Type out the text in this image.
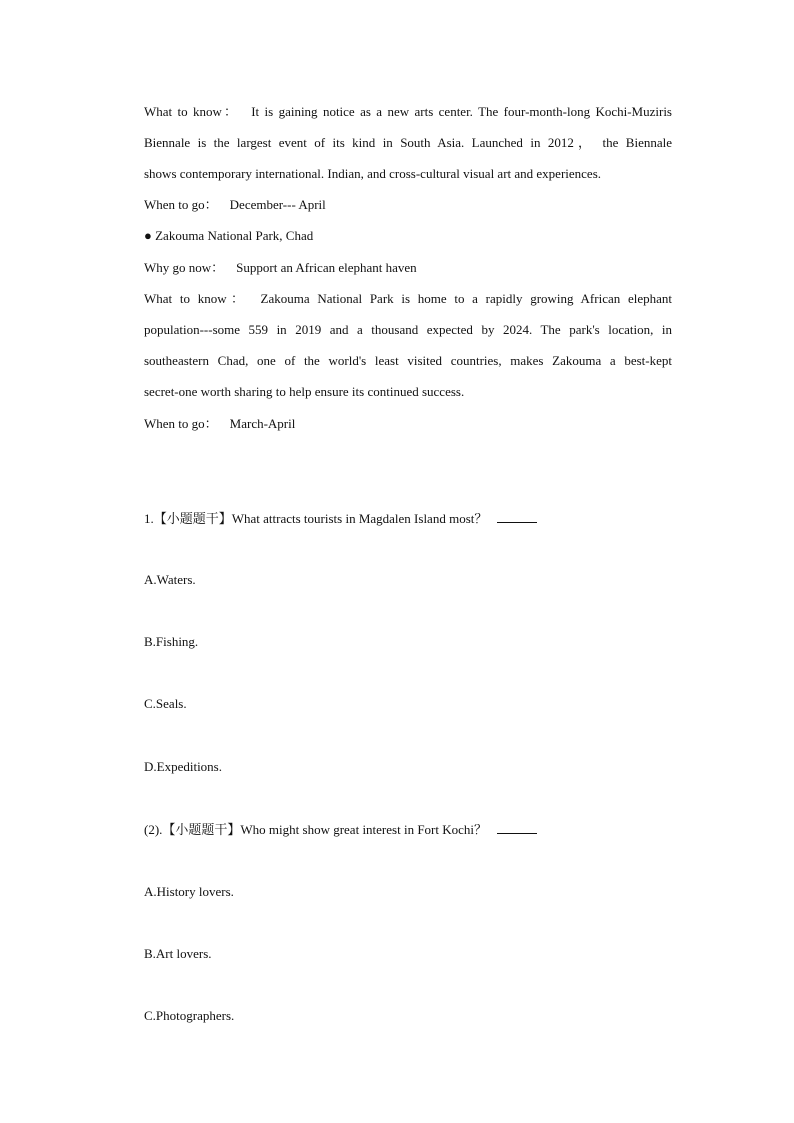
What to know： It is gaining notice as a new arts center. The four-month-long Kochi-Muziris
Biennale is the largest event of its kind in South Asia. Launched in 2012， the Biennale
shows contemporary international. Indian, and cross-cultural visual art and experiences.
When to go： December--- April
● Zakouma National Park, Chad
Why go now： Support an African elephant haven
What to know： Zakouma National Park is home to a rapidly growing African elephant
population---some 559 in 2019 and a thousand expected by 2024. The park's location, in
southeastern Chad, one of the world's least visited countries, makes Zakouma a best-kept
secret-one worth sharing to help ensure its continued success.
When to go： March-April
1.【小题题干】What attracts tourists in Magdalen Island most？
A.Waters.
B.Fishing.
C.Seals.
D.Expeditions.
(2).【小题题干】Who might show great interest in Fort Kochi？
A.History lovers.
B.Art lovers.
C.Photographers.
